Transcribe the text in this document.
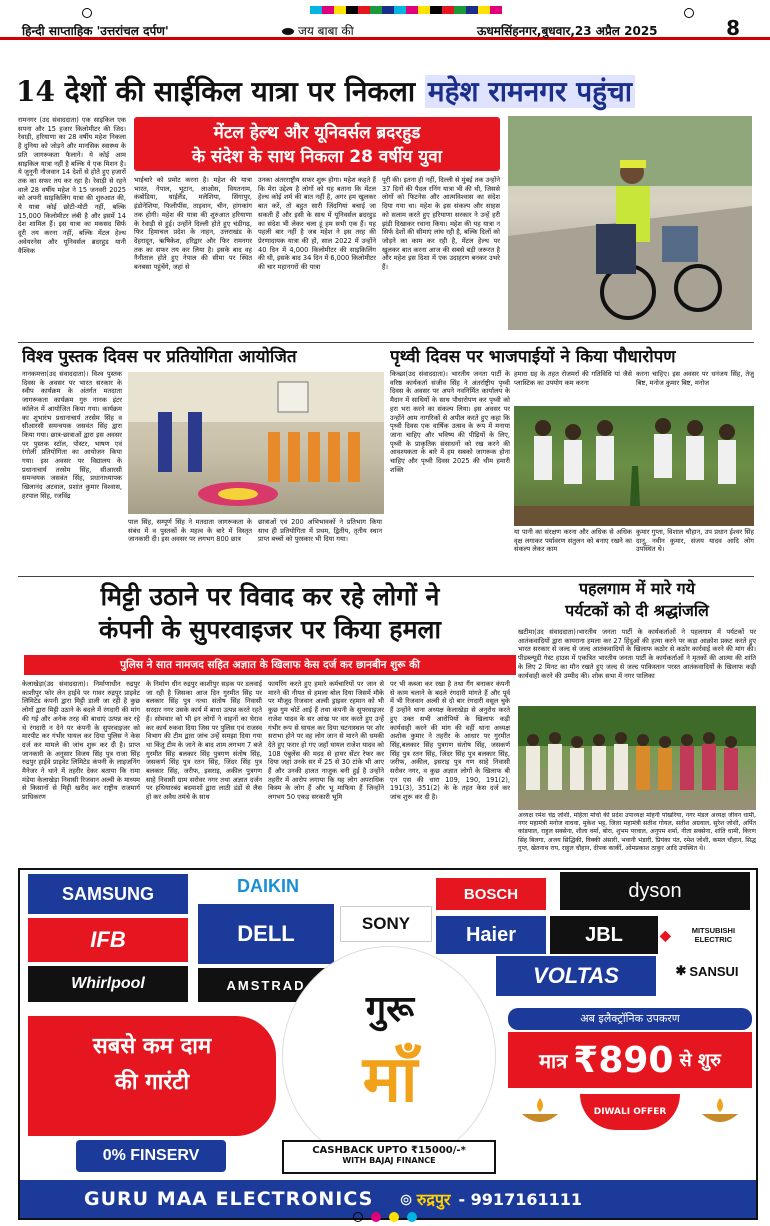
हिन्दी साप्ताहिक 'उत्तरांचल दर्पण'	जय बाबा की	ऊधमसिंहनगर,बुधवार,23 अप्रैल 2025	8
14 देशों की साईकिल यात्रा पर निकला महेश रामनगर पहुंचा
रामनगर (उद संवाददाता) एक साइकिल एक सपना और 15 हजार किलोमीटर की जिद। रेवाड़ी, हरियाणा का 28 वर्षीय महेश निकला है दुनिया को जोड़ने और मानसिक स्वास्थ्य के प्रति जागरूकता फैलाने। ये कोई आम साइकिल यात्रा नहीं है बल्कि ये एक मिशन है। ये जुनूनी नौजवान 14 देशों से होते हुए हजारों तक का सफर तय कर रहा है। रेवाड़ी से रहने वाले 28 वर्षीय महेश ने 15 जनवरी 2025 को अपनी साइकिलिंग यात्रा की शुरुआत की, ये यात्रा कोई छोटी-मोटी नहीं, बल्कि 15,000 किलोमीटर लंबी है और इसमें 14 देश शामिल हैं। इस यात्रा का मकसद सिर्फ दूरी तय करना नहीं, बल्कि मेंटल हेल्थ अवेयरनेस और यूनिवर्सल ब्रदरहुड यानी वैश्विक
मेंटल हेल्थ और यूनिवर्सल ब्रदरहुड
के संदेश के साथ निकला 28 वर्षीय युवा
भाईचारे को प्रमोट करना है। महेश की यात्रा भारत, नेपाल, भूटान, लाओस, वियतनाम, कंबोडिया, थाईलैंड, मलेशिया, सिंगापुर, इंडोनेशिया, फिलीपींस, ताइवान, चीन, हांगकांग तक होगी। महेश की यात्रा की शुरुआत हरियाणा के रेवाड़ी से हुई। उन्होंने दिल्ली होते हुए चंडीगढ़, फिर हिमाचल प्रदेश के नाहन, उत्तराखंड के देहरादून, ऋषिकेश, हरिद्वार और फिर रामनगर तक का सफर तय कर लिया है। इसके बाद वह नैनीताल होते हुए नेपाल की सीमा पर स्थित बनबसा पहुंचेंगे, जहां से
उनका अंतरराष्ट्रीय सफर शुरू होगा। महेश कहते हैं कि मेरा उद्देश्य है लोगों को यह बताना कि मेंटल हेल्थ कोई शर्म की बात नहीं है, अगर हम खुलकर बात करें, तो बहुत सारी जिंदगियां बचाई जा सकती हैं और इसी के साथ में यूनिवर्सल ब्रदरहुड का संदेश भी लेकर चला हूं हम सभी एक हैं। यह पहली बार नहीं है जब महेश ने इस तरह की प्रेरणादायक यात्रा की हो, साल 2022 में उन्होंने 40 दिन में 4,000 किलोमीटर की साइकिलिंग की थी, इसके बाद 34 दिन में 6,000 किलोमीटर की चार महानगरों की यात्रा
पूरी की। इतना ही नहीं, दिल्ली से मुंबई तक उन्होंने 37 दिनों की पैदल रनिंग यात्रा भी की थी, जिससे लोगों को फिटनेस और आत्मविश्वास का संदेश दिया गया था। महेश के इस संकल्प और साहस को सलाम करते हुए हरियाणा सरकार ने उन्हें हरी झंडी दिखाकर रवाना किया। महेश की यह यात्रा न सिर्फ देशों की सीमाएं लांघ रही है, बल्कि दिलों को जोड़ने का काम कर रही है, मेंटल हेल्थ पर खुलकर बात करना आज की सबसे बड़ी जरूरत है और महेश इस दिशा में एक उदाहरण बनकर उभरे हैं।
विश्व पुस्तक दिवस पर प्रतियोगिता आयोजित
नानकमत्ता(उद संवाददाता)। विश्व पुस्तक दिवस के अवसर पर भारत सरकार के स्वीप कार्यक्रम के अंतर्गत मतदाता जागरूकता कार्यक्रम गुरु नानक इंटर कॉलेज में आयोजित किया गया। कार्यक्रम का शुभारंभ प्रधानाचार्य तरसेम सिंह व सीआरसी समन्वयक जसवंत सिंह द्वारा किया गया। छात्र-छात्राओं द्वारा इस अवसर पर पुस्तक स्टॉल, पोस्टर, भाषण एवं रंगोली प्रतियोगिता का आयोजन किया गया। इस अवसर पर विद्यालय के प्रधानाचार्य तरसेम सिंह, सीआरसी समन्वयक जसवंत सिंह, प्रधानाध्यापक खिलानंद अटवाल, प्रशांत कुमार विश्वास, हरपाल सिंह, रजविंद्र
पाल सिंह, सम्पूर्ण सिंह ने मतदाता जागरूकता के संबंध में व पुस्तकों के महत्व के बारे में विस्तृत जानकारी दी। इस अवसर पर लगभग 800 छात्र
छात्राओं एवं 200 अभिभावकों ने प्रतिभाग किया साथ ही प्रतियोगिता में प्रथम, द्वितीय, तृतीय स्थान प्राप्त बच्चों को पुरस्कार भी दिया गया।
पृथ्वी दिवस पर भाजपाईयों ने किया पौधारोपण
किच्छा(उद संवाददाता)। भारतीय जनता पार्टी के वरिष्ठ कार्यकर्ता संजीव सिंह ने अंतर्राष्ट्रीय पृथ्वी दिवस के अवसर पर अपने नवनिर्मित कार्यालय के मैदान में साथियों के साथ पौधारोपण कर पृथ्वी को हरा भरा करने का संकल्प लिया। इस अवसर पर उन्होंने आम नागरिकों से अपील करते हुए कहा कि पृथ्वी दिवस एक वार्षिक उत्सव के रूप में मनाया जाना चाहिए और भविष्य की पीढ़ियों के लिए, पृथ्वी के प्राकृतिक संसाधनों को रख करने की आवश्यकता के बारे में हम सबको जागरूक होना चाहिए और पृथ्वी दिवस 2025 की थीम हमारी शक्ति
हमारा ग्रह के तहत रोजमर्रा की गतिविधि यां जैसे प्लास्टिक का उपयोग कम करना
करना चाहिए। इस अवसर पर धनंजय सिंह, तेजु बिष्ट, मनोज कुमार बिष्ट, मनोज
या पानी का संरक्षण करना और अधिक से अधिक वृक्ष लगाकर पर्यावरण संतुलन को बनाए रखने का संकल्प लेकर काम
कुमार गुप्ता, विशाल चौहान, उप प्रधान ईश्वर सिंह दानू, नवीन कुमार, संजय यादव आदि लोग उपस्थित थे।
मिट्टी उठाने पर विवाद कर रहे लोगों ने
कंपनी के सुपरवाइजर पर किया हमला
पुलिस ने सात नामजद सहित अज्ञात के खिलाफ केस दर्ज कर छानबीन शुरू की
केलाखेड़ा(उद संवाददाता)। निर्माणाधीन रुद्रपुर काशीपुर फोर लेन हाईवे पर गावर रुद्रपुर प्राइवेट लिमिटेड कंपनी द्वारा मिट्टी डाली जा रही है कुछ लोगों द्वारा मिट्टी उठाने के बदले में रंगदारी की मांग की गई और अनेक तरह की बाधाएं उत्पन्न कर रहे थे रंगदारी न देने पर कंपनी के सुपरवाइजर को मारपीट कर गंभीर घायल कर दिया पुलिस ने केस दर्ज कर मामले की जांच शुरू कर दी है। प्राप्त जानकारी के अनुसार विजय सिंह पुत्र राजा सिंह रुद्रपुर हाईवे प्राइवेट लिमिटेड कंपनी के लाइजनिंग मैनेजर ने थाने में तहरीर देकर बताया कि रामा मंडेया केलाखेड़ा निवासी रिजवान अल्वी के माध्यम से किसानों से मिट्टी खरीद कर राष्ट्रीय राजमार्ग प्राधिकरण
के निर्माण धीन रुद्रपुर काशीपुर सड़क पर डलवाई जा रही है जिसका आज दिन गुरमीत सिंह पर बलकार सिंह पुत्र नत्था संतोष सिंह निवासी सरदार नगर उसके कार्य में बाधा उत्पन्न करते रहते हैं। सोमवार को भी इन लोगों ने वाहनों का घेराव कर कार्य रुकवा दिया जिस पर पुलिस एवं राजस्व विभाग की टीम द्वारा जांच उन्हें समझा दिया गया था किंतु टीम के जाने के बाद शाम लगभग 7 बजे गुरमीत सिंह बलकार सिंह पुत्रगण संतोष सिंह, जसकर्ण सिंह पुत्र रतन सिंह, जिंदर सिंह पुत्र बलकार सिंह, जरीफ, इसराइ, अकील पुत्रगण साहे निवासी ग्राम सरोवर नगर तथा अज्ञात दर्जन पर हथियारबंद बदमाशों द्वारा लाठी डंडों से लैस हो कर अवैध तमंचे के साथ
फायरिंग करते हुए हमारे कर्मचारियों पर जान से मारने की नीयत से हमला बोल दिया जिसमें मौके पर मौजूद रिजवान अल्वी ड्राइवर रहमान को भी कुछ गुम चोटें आई हैं तथा कंपनी के सुपरवाइजर राजेश यादव के सर आंख पर वार करते हुए उन्हें गंभीर रूप से घायल कर दिया घटनास्थल पर शोर सराभा होने पर वह लोग जान से मारने की धमकी देते हुए फरार हो गए जहाँ घायल राजेश यादव को 108 एंबुलेंस की मदद से हायर सेंटर रेफर कर दिया जहां उनके सर में 25 से 30 टांके भी आए हैं और उनकी हालत नाजुक बनी हुई है उन्होंने तहरीर में आरोप लगाया कि यह लोग अपराधिक किस्म के लोग हैं और भू माफिया हैं जिन्होंने लगभग 50 एकड़ सरकारी भूमि
पर भी कब्जा कर रखा है तथा गैंग बनाकर कंपनी से काम चलाने के बदले रंगदारी मांगते हैं और पूर्व में भी रिजवान अल्वी से दो बार रंगदारी वसूल चुके हैं उन्होंने थाना अध्यक्ष केलाखेड़ा से अनुरोध करते हुए उक्त सभी आरोपियों के खिलाफ कड़ी कार्यवाही करने की मांग की वहीं थाना अध्यक्ष अशोक कुमार ने तहरीर के आधार पर गुरमीत सिंह,बलकार सिंह पुत्रगण संतोष सिंह, जसकर्ण सिंह पुत्र रतन सिंह, जिंदर सिंह पुत्र बलकार सिंह, जरीफ, अकील, इसराइ पुत्र गण साहे निवासी सरोवर नगर, व कुछ अज्ञात लोगों के खिलाफ बी एन एस की धारा 109, 190, 191(2), 191(3), 351(2) के के तहत केस दर्ज कर जांच शुरू कर दी है।
पहलगाम में मारे गये
पर्यटकों को दी श्रद्धांजलि
खटीमा(उद संवाददाता)।भारतीय जनता पार्टी के कार्यकर्ताओं ने पहलगाम में पर्यटकों पर आतंकवादियों द्वारा कायराना हमला कर 27 हिंदुओं की हत्या करने पर कड़ा आक्रोश प्रकट करते हुए भारत सरकार से जल्द से जल्द आतंकवादियों के खिलाफ कठोर से कठोर कार्रवाई करने की मांग की। पीडब्ल्यूडी गेस्ट हाउस में एकत्रित भारतीय जनता पार्टी के कार्यकर्ताओं ने मृतकों की आत्मा की शांति के लिए 2 मिनट का मौन रखते हुए जल्द से जल्द पाकिस्तान परस्त आतंकवादियों के खिलाफ कड़ी कार्यवाही करने की उम्मीद की। शोक सभा में नगर पालिका
अध्यक्ष रमेश चंद्र जोशी, महिला मोर्चा की प्रदेश उपाध्यक्ष मोहनी पोखरिया, नगर मंडल अध्यक्ष जीवन धामी, नगर महामंत्री मनोज वाधवा, मुकेश भट्ट, जिला महामंत्री सतीश गोयल, सतीश अग्रवाल, सुरेश जोशी, अर्पित कांडपाल, राहुल सक्सेना, शीला वर्मा, बोरा, शुभम परवाल, अनुपम शर्मा, नीता सक्सेना, शांति धामी, किरण सिंह बिलगा, अजय सिद्धिकी, विक्की अंसारी, भवानी भंडारी, प्रियंका पंत, रमेश जोशी, कमल चौहान, सिद्ध गुप्त, खेतनाथ राय, राहुल चौहान, दीपक कार्की, ओमप्रकाश ठाकुर आदि उपस्थित थे।
SAMSUNG	DAIKIN
SONY
BOSCH	dyson
IFB	DELL	Haier	JBL	◆	MITSUBISHI ELECTRIC
✱ SANSUI
Whirlpool	AMSTRAD	VOLTAS
गुरू
माँ
सबसे कम दाम
की गारंटी
0% FINSERV	CASHBACK UPTO ₹15000/-*
WITH BAJAJ FINANCE
अब इलैक्ट्रॉनिक उपकरण
मात्र ₹890 से शुरु
DIWALI OFFER
GURU MAA ELECTRONICS ⊚ रुद्रपुर - 9917161111
